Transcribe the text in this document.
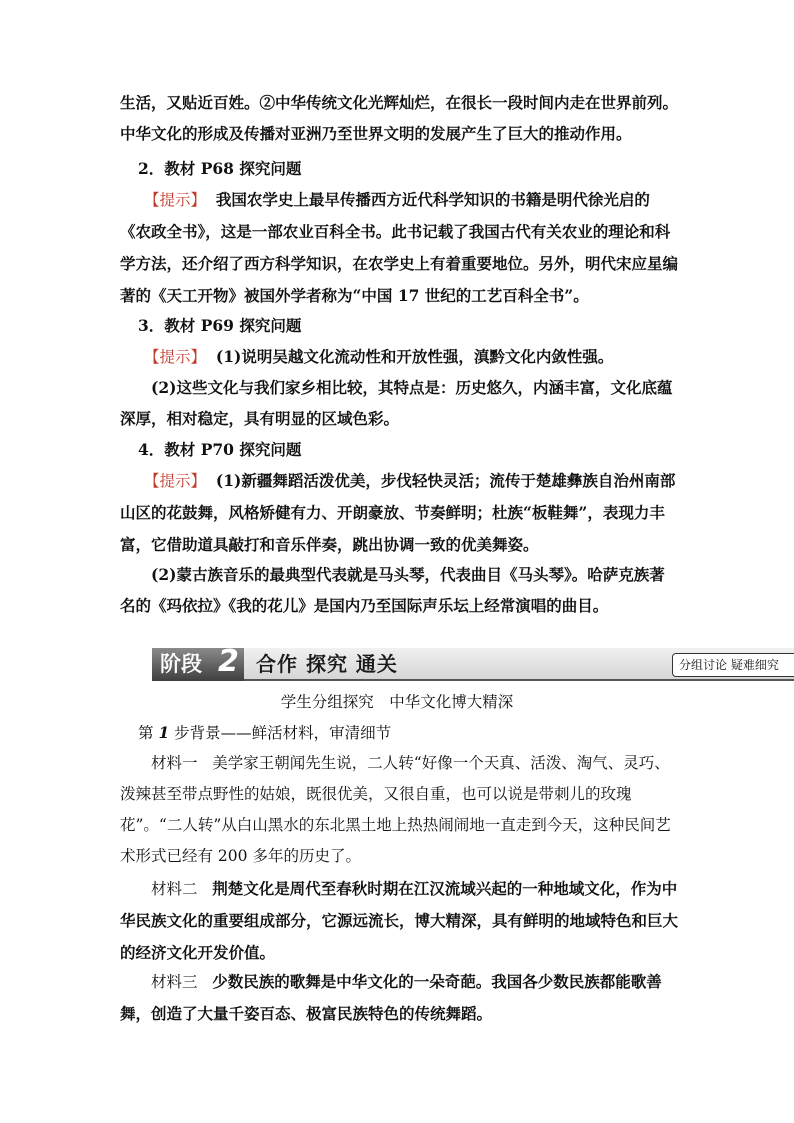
生活，又贴近百姓。②中华传统文化光辉灿烂，在很长一段时间内走在世界前列。中华文化的形成及传播对亚洲乃至世界文明的发展产生了巨大的推动作用。

2．教材 P68 探究问题

【提示】 我国农学史上最早传播西方近代科学知识的书籍是明代徐光启的《农政全书》，这是一部农业百科全书。此书记载了我国古代有关农业的理论和科学方法，还介绍了西方科学知识，在农学史上有着重要地位。另外，明代宋应星编著的《天工开物》被国外学者称为“中国 17 世纪的工艺百科全书”。

3．教材 P69 探究问题

【提示】 (1)说明吴越文化流动性和开放性强，滇黔文化内敛性强。

(2)这些文化与我们家乡相比较，其特点是：历史悠久，内涵丰富，文化底蕴深厚，相对稳定，具有明显的区域色彩。

4．教材 P70 探究问题

【提示】 (1)新疆舞蹈活泼优美，步伐轻快灵活；流传于楚雄彝族自治州南部山区的花鼓舞，风格矫健有力、开朗豪放、节奏鲜明；杜族“板鞋舞”，表现力丰富，它借助道具敲打和音乐伴奏，跳出协调一致的优美舞姿。

(2)蒙古族音乐的最典型代表就是马头琴，代表曲目《马头琴》。哈萨克族著名的《玛依拉》《我的花儿》是国内乃至国际声乐坛上经常演唱的曲目。

阶段 2 合作 探究 通关	分组讨论 疑难细究
学生分组探究　中华文化博大精深
第 1 步背景——鲜活材料，审清细节

材料一 美学家王朝闻先生说，二人转“好像一个天真、活泼、淘气、灵巧、泼辣甚至带点野性的姑娘，既很优美，又很自重，也可以说是带刺儿的玫瑰花”。“二人转”从白山黑水的东北黑土地上热热闹闹地一直走到今天，这种民间艺术形式已经有 200 多年的历史了。

材料二 荆楚文化是周代至春秋时期在江汉流域兴起的一种地域文化，作为中华民族文化的重要组成部分，它源远流长，博大精深，具有鲜明的地域特色和巨大的经济文化开发价值。

材料三 少数民族的歌舞是中华文化的一朵奇葩。我国各少数民族都能歌善舞，创造了大量千姿百态、极富民族特色的传统舞蹈。
